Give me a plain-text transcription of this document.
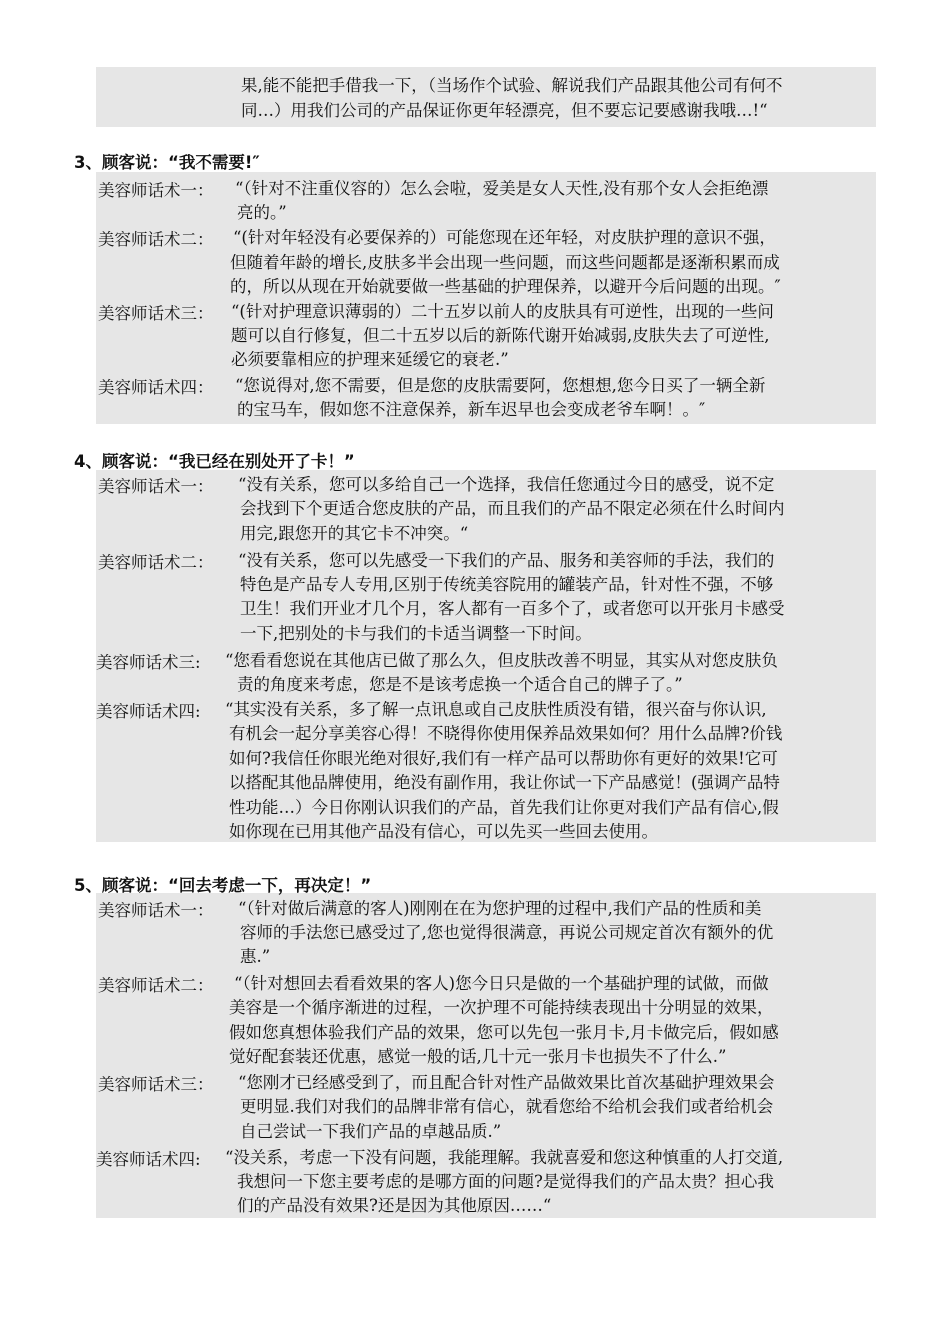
果,能不能把手借我一下，（当场作个试验、解说我们产品跟其他公司有何不
同…）用我们公司的产品保证你更年轻漂亮，但不要忘记要感谢我哦…!“
3、顾客说：“我不需要!″
美容师话术一： “（针对不注重仪容的）怎么会啦，爱美是女人天性,没有那个女人会拒绝漂
亮的。”
美容师话术二： “(针对年轻没有必要保养的）可能您现在还年轻，对皮肤护理的意识不强，
但随着年龄的增长,皮肤多半会出现一些问题，而这些问题都是逐渐积累而成
的，所以从现在开始就要做一些基础的护理保养，以避开今后问题的出现。″
美容师话术三： “(针对护理意识薄弱的）二十五岁以前人的皮肤具有可逆性，出现的一些问
题可以自行修复，但二十五岁以后的新陈代谢开始减弱,皮肤失去了可逆性,
必须要靠相应的护理来延缓它的衰老.”
美容师话术四： “您说得对,您不需要，但是您的皮肤需要阿，您想想,您今日买了一辆全新
的宝马车，假如您不注意保养，新车迟早也会变成老爷车啊！。″
4、顾客说：“我已经在别处开了卡！”
美容师话术一： “没有关系，您可以多给自己一个选择，我信任您通过今日的感受，说不定
会找到下个更适合您皮肤的产品，而且我们的产品不限定必须在什么时间内
用完,跟您开的其它卡不冲突。“
美容师话术二： “没有关系，您可以先感受一下我们的产品、服务和美容师的手法，我们的
特色是产品专人专用,区别于传统美容院用的罐装产品，针对性不强，不够
卫生！我们开业才几个月，客人都有一百多个了，或者您可以开张月卡感受
一下,把别处的卡与我们的卡适当调整一下时间。
美容师话术三: “您看看您说在其他店已做了那么久，但皮肤改善不明显，其实从对您皮肤负
责的角度来考虑，您是不是该考虑换一个适合自己的牌子了。”
美容师话术四: “其实没有关系，多了解一点讯息或自己皮肤性质没有错，很兴奋与你认识,
有机会一起分享美容心得！不晓得你使用保养品效果如何？用什么品牌?价钱
如何?我信任你眼光绝对很好,我们有一样产品可以帮助你有更好的效果!它可
以搭配其他品牌使用，绝没有副作用，我让你试一下产品感觉！(强调产品特
性功能…）今日你刚认识我们的产品，首先我们让你更对我们产品有信心,假
如你现在已用其他产品没有信心，可以先买一些回去使用。
5、顾客说：“回去考虑一下，再决定！”
美容师话术一： “（针对做后满意的客人)刚刚在在为您护理的过程中,我们产品的性质和美
容师的手法您已感受过了,您也觉得很满意，再说公司规定首次有额外的优
惠.”
美容师话术二： “（针对想回去看看效果的客人)您今日只是做的一个基础护理的试做，而做
美容是一个循序渐进的过程，一次护理不可能持续表现出十分明显的效果，
假如您真想体验我们产品的效果，您可以先包一张月卡,月卡做完后，假如感
觉好配套装还优惠，感觉一般的话,几十元一张月卡也损失不了什么.”
美容师话术三： “您刚才已经感受到了，而且配合针对性产品做效果比首次基础护理效果会
更明显.我们对我们的品牌非常有信心，就看您给不给机会我们或者给机会
自己尝试一下我们产品的卓越品质.”
美容师话术四: “没关系，考虑一下没有问题，我能理解。我就喜爱和您这种慎重的人打交道,
我想问一下您主要考虑的是哪方面的问题?是觉得我们的产品太贵？担心我
们的产品没有效果?还是因为其他原因……“
